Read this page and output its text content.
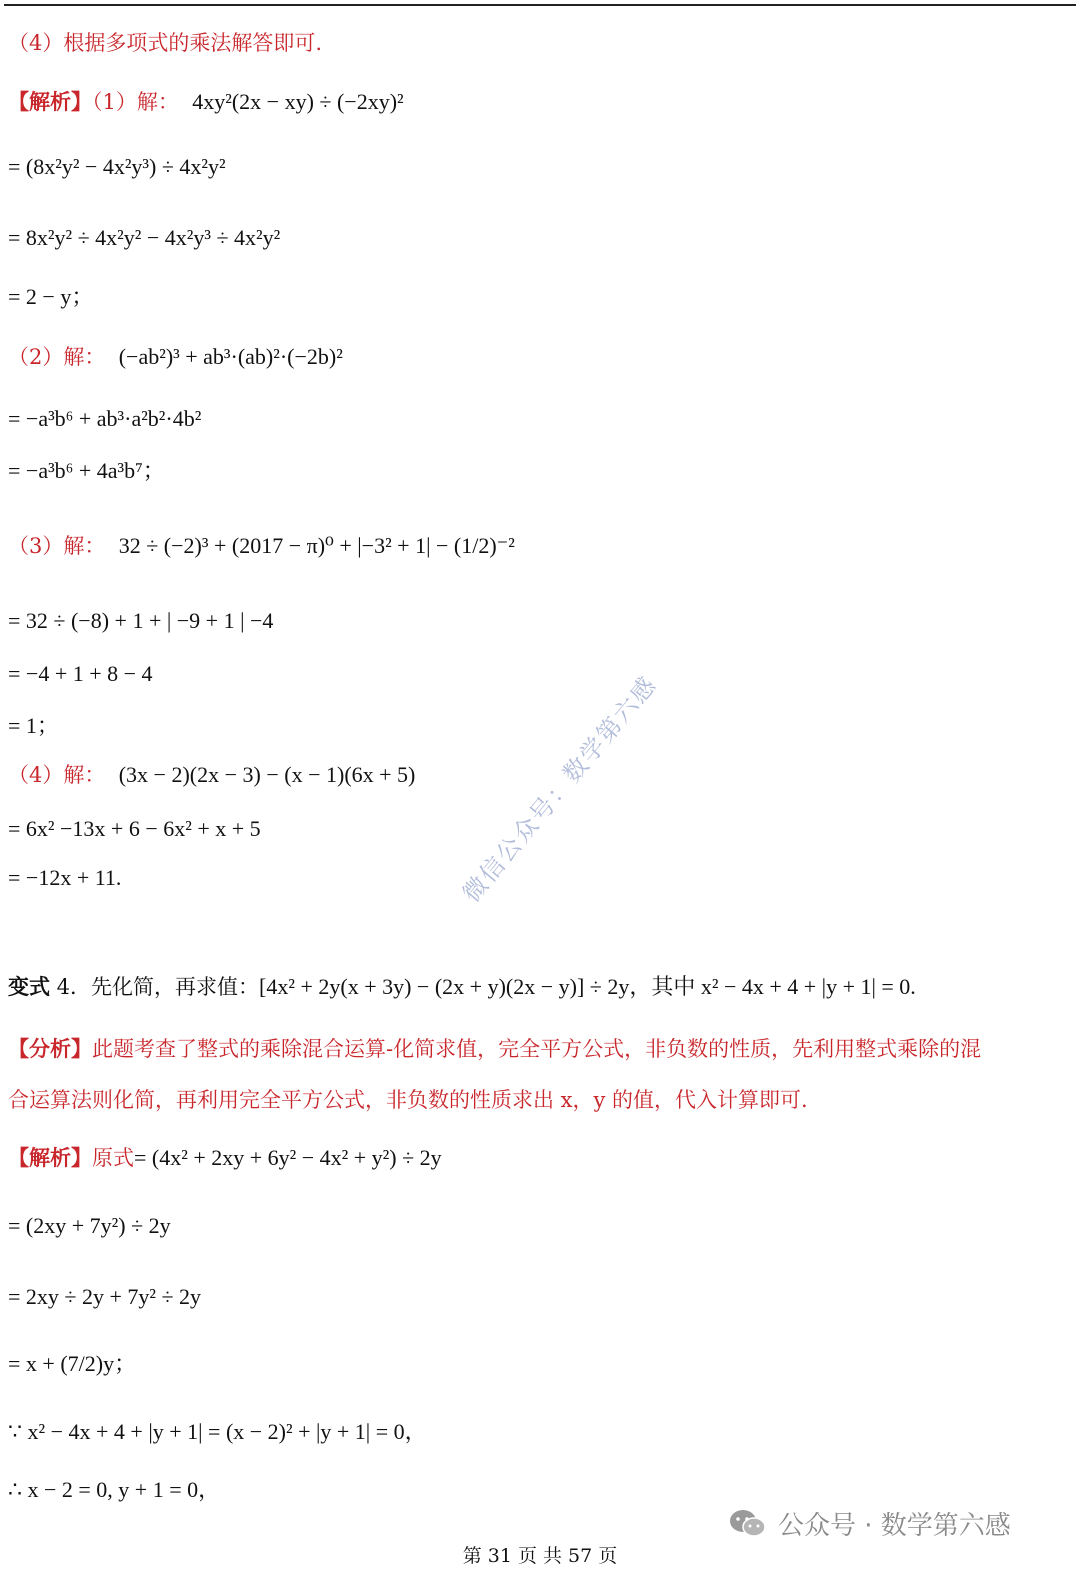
（4）根据多项式的乘法解答即可.
【解析】（1）解： 4xy²(2x − xy) ÷ (−2xy)²
= (8x²y² − 4x²y³) ÷ 4x²y²
= 8x²y² ÷ 4x²y² − 4x²y³ ÷ 4x²y²
= 2 − y；
（2）解： (−ab²)³ + ab³·(ab)²·(−2b)²
= −a³b⁶ + ab³·a²b²·4b²
= −a³b⁶ + 4a³b⁷；
（3）解： 32 ÷ (−2)³ + (2017 − π)⁰ + |−3² + 1| − (1/2)⁻²
= 32 ÷ (−8) + 1 + | −9 + 1 | −4
= −4 + 1 + 8 − 4
= 1；
（4）解： (3x − 2)(2x − 3) − (x − 1)(6x + 5)
= 6x² −13x + 6 − 6x² + x + 5
= −12x + 11.
变式 4．先化简，再求值：[4x² + 2y(x + 3y) − (2x + y)(2x − y)] ÷ 2y，其中 x² − 4x + 4 + |y + 1| = 0.
【分析】此题考查了整式的乘除混合运算-化简求值，完全平方公式，非负数的性质，先利用整式乘除的混
合运算法则化简，再利用完全平方公式，非负数的性质求出 x，y 的值，代入计算即可.
【解析】原式= (4x² + 2xy + 6y² − 4x² + y²) ÷ 2y
= (2xy + 7y²) ÷ 2y
= 2xy ÷ 2y + 7y² ÷ 2y
= x + (7/2)y；
∵ x² − 4x + 4 + |y + 1| = (x − 2)² + |y + 1| = 0，
∴ x − 2 = 0, y + 1 = 0，
微信公众号：数学第六感
公众号 · 数学第六感
第 31 页 共 57 页
